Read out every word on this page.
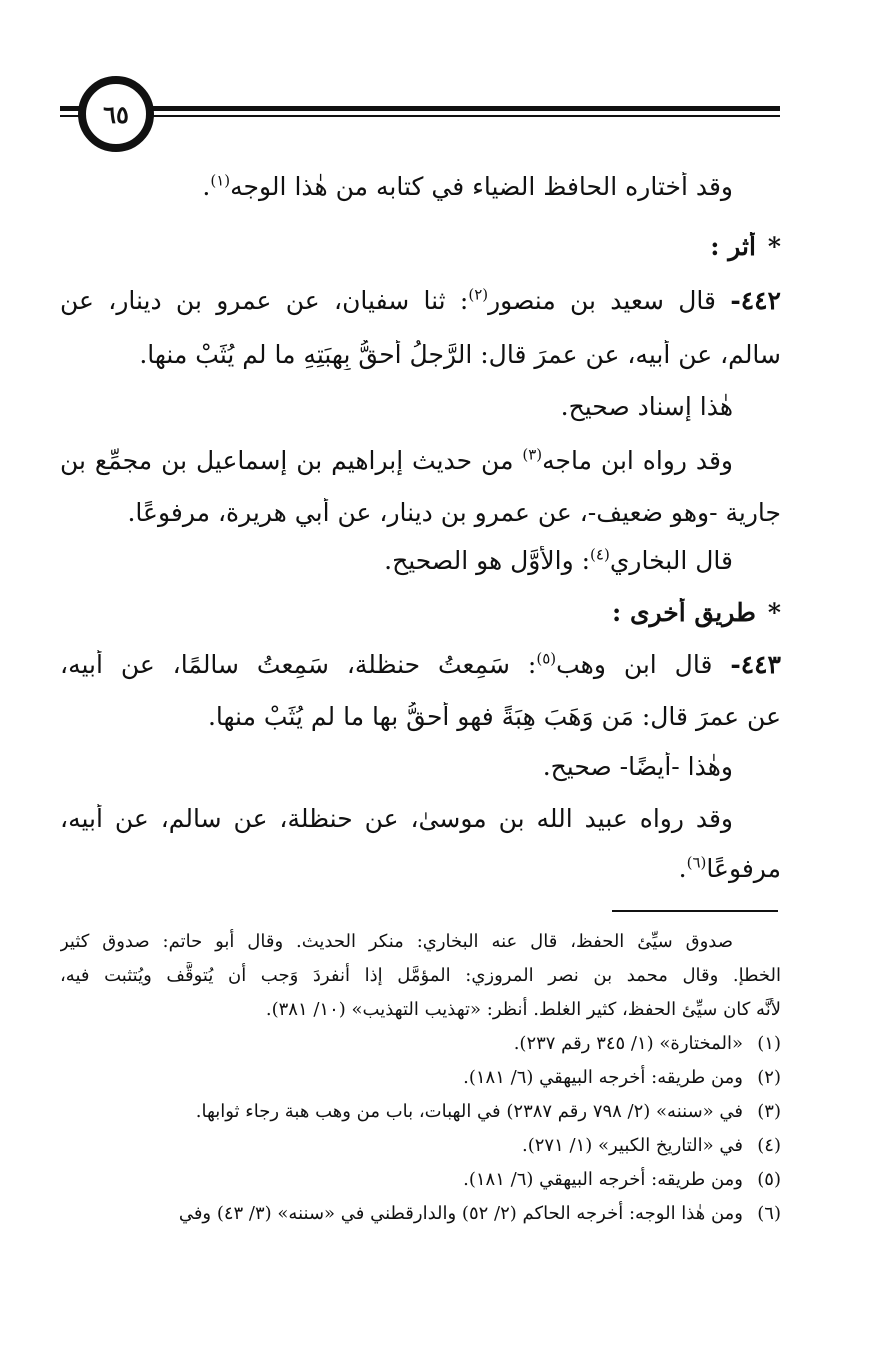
٦٥

وقد أختاره الحافظ الضياء في كتابه من هٰذا الوجه$^{(١)}$.

*أثر :

٤٤٢- قال سعيد بن منصور$^{(٢)}$: ثنا سفيان، عن عمرو بن دينار، عن

سالم، عن أبيه، عن عمرَ قال: الرَّجلُ أَحقُّ بِهِبَتِهِ ما لم يُثَبْ منها.

هٰذا إسناد صحيح.

وقد رواه ابن ماجه$^{(٣)}$ من حديث إبراهيم بن إسماعيل بن مجمِّع بن

جارية -وهو ضعيف-، عن عمرو بن دينار، عن أبي هريرة، مرفوعًا.

قال البخاري$^{(٤)}$: والأوَّل هو الصحيح.

*طريق أخرى :

٤٤٣- قال ابن وهب$^{(٥)}$: سَمِعتُ حنظلة، سَمِعتُ سالمًا، عن أبيه،

عن عمرَ قال: مَن وَهَبَ هِبَةً فهو أحقُّ بها ما لم يُثَبْ منها.

وهٰذا -أيضًا- صحيح.

وقد رواه عبيد الله بن موسىٰ، عن حنظلة، عن سالم، عن أبيه،

مرفوعًا$^{(٦)}$.

صدوق سيِّئ الحفظ، قال عنه البخاري: منكر الحديث. وقال أبو حاتم: صدوق كثير

الخطإ. وقال محمد بن نصر المروزي: المؤمَّل إذا أنفردَ وَجب أن يُتوقَّف ويُتثبت فيه،

لأنَّه كان سيِّئ الحفظ، كثير الغلط. أنظر: «تهذيب التهذيب» (١٠/ ٣٨١).

(١)«المختارة» (١/ ٣٤٥ رقم ٢٣٧).

(٢)ومن طريقه: أخرجه البيهقي (٦/ ١٨١).

(٣)في «سننه» (٢/ ٧٩٨ رقم ٢٣٨٧) في الهبات، باب من وهب هبة رجاء ثوابها.

(٤)في «التاريخ الكبير» (١/ ٢٧١).

(٥)ومن طريقه: أخرجه البيهقي (٦/ ١٨١).

(٦)ومن هٰذا الوجه: أخرجه الحاكم (٢/ ٥٢) والدارقطني في «سننه» (٣/ ٤٣) وفي
